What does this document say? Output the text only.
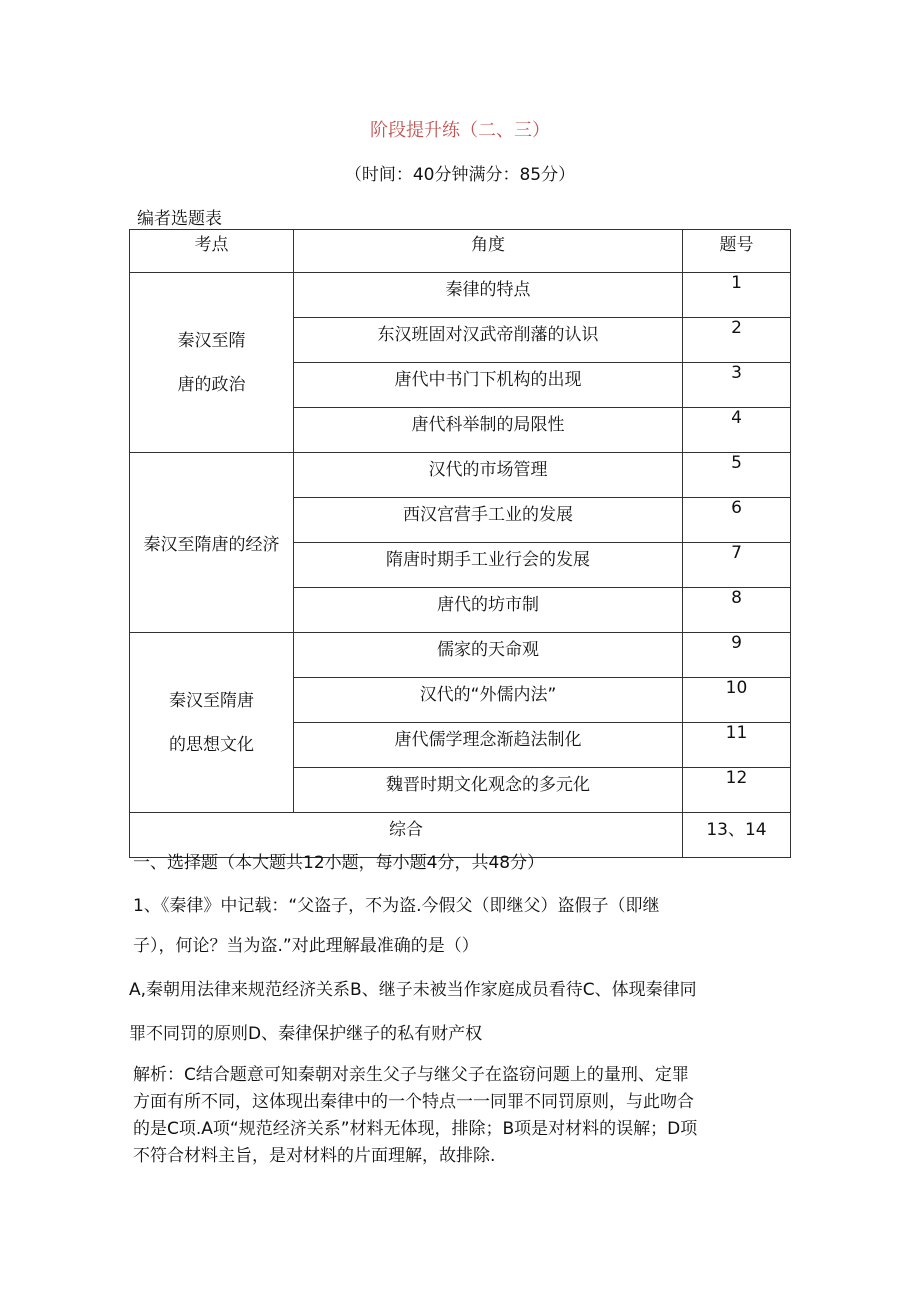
阶段提升练（二、三）
（时间：40分钟满分：85分）
编者选题表
考点	角度	题号

秦汉至隋
唐的政治	秦律的特点	1
	东汉班固对汉武帝削藩的认识	2
	唐代中书门下机构的出现	3
	唐代科举制的局限性	4

秦汉至隋唐的经济	汉代的市场管理	5
	西汉宫营手工业的发展	6
	隋唐时期手工业行会的发展	7
	唐代的坊市制	8

秦汉至隋唐
的思想文化	儒家的天命观	9
	汉代的“外儒内法”	10
	唐代儒学理念渐趋法制化	11
	魏晋时期文化观念的多元化	12
综合		13、14
一、选择题（本大题共12小题，每小题4分，共48分）
1、《秦律》中记载：“父盗子，不为盗.今假父（即继父）盗假子（即继
子），何论？当为盗.”对此理解最准确的是（）
A,秦朝用法律来规范经济关系B、继子未被当作家庭成员看待C、体现秦律同
罪不同罚的原则D、秦律保护继子的私有财产权
解析：C结合题意可知秦朝对亲生父子与继父子在盗窃问题上的量刑、定罪
方面有所不同，这体现出秦律中的一个特点一一同罪不同罚原则，与此吻合
的是C项.A项“规范经济关系”材料无体现，排除；B项是对材料的误解；D项
不符合材料主旨，是对材料的片面理解，故排除.
